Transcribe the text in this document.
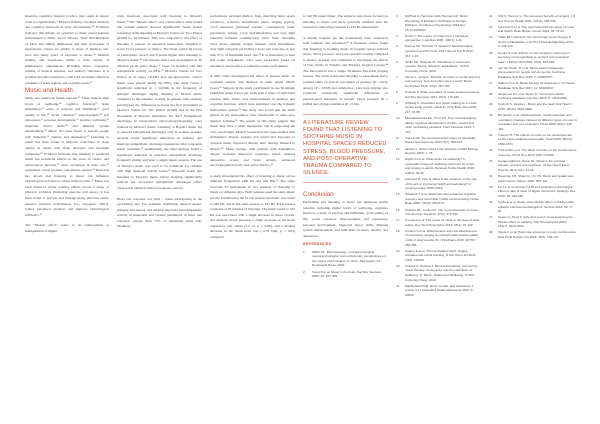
Intensive repetitive musical practice may result in plastic brain re-organisations.⁹ Musical training can shape memory and cognitive functions in early development.¹⁰ Evidence indicates that infants are sensitive to many sound features fundamental to music across cultures. Their discrimination of pitch and timing differences and their perception of equivalence classes are similar to those of listeners who have had many years of exposure to music.¹¹ Musical training and experience utilise a wide variety of multisensory experiences, including motor execution, reading of musical notation, and auditory functions. It is possible that this experience could lead to transfer effects in a number of brain regions and cognitive areas.¹²

Music and Health

Music has numerous health benefits.¹³ These include high levels of wellbeing,¹⁴ cognitive function,¹⁵ brain stimulation,¹⁶ sense of purpose and fulfilment,¹⁷ good quality of life,¹⁸ social cohesion,¹⁹ empowerment,²⁰ self expression,²¹ personal development,²² positive wellbeing,²³ improved motor skills,²⁴ and immune system enhancement.²⁵ Music has been found to benefit people with dementia,²⁶ anxiety and depression.²⁷ Listening to music has been found to improve reductions of sleep quality in adults with sleep disorders and insomnia symptoms.²⁸ Evidence indicates that listening to preferred music has beneficial effects in the areas of cardio- and neurological function,²⁹ early exchanges in heart rate,³⁰ respiration, blood pressure and muscle tension.³¹ Research has shown that listening to music can influence physiological reactions to stress-related events.³² Music has been found to evoke positive effects across a range of physical activities (including exercise and sport). It has been found to prevent and manage many affective states, enhance physical performance (i.e., ergogenic effect), reduce perceived exertion, and improve physiological efficiency.³³

The "Mozart effect" refers to an enhancement or manipulation of higher

brain functions associated with listening to Mozart's music.³⁴ The "Mozart effect" was coined after a study found that normal subjects showed significantly better spatial reasoning skills listening to Mozart's Sonata for Two Pianos (K448) for 10 minutes. This was compared to the effect of listening to periods of relaxation instructions designed to lower blood pressure or silence. The mean spatial IQ scores of participants were 8 and 9 points higher after listening to Mozart's music.³⁴ The Mozart effect was investigated in 48 children (4-18 years; mean 7 years 10 months) who had epileptiform activity on EEG.³⁵ Mozart's Sonata for Two Pianos in D major (K448) and age-appropriate control music were played during the EEG. The study found a significant reduction (p = 0.0006) in the frequency of epileptic discharges during listening to Mozart music compared to the baseline. A study in patients with epilepsy investigated the differences between the first movement of Mozart's Sonata for Two Pianos (K448) and in the first movement of Haydn's Symphony No. 94.³⁶ Epileptiform discharges in intracerebral electroencephalography were reduced by Mozart's music. Listening to Haydn's music led to reduced epileptiform discharges only in women. A meta-analysis found significant reductions in seizures and interictal epileptiform discharge frequencies after long-term music treatment.³⁷ Additionally, the meta-analysis found a significant reduction in interictal epileptiform discharge frequency during and after a single music session. The use of Mozart's music was seen to be beneficial for children with high interictal activity levels.³⁸ Research found that listening to Mozart's music before sleeping significantly reduced the associated epileptiform discharges effect observed in children with focal seizure activity.

Heart rate response can yield – when participating in the performing arts. For example, drumming, musical theatre (singing and dance), and singing improved parasympathetic activity in musicians and created parameters of heart rate response: greater than 75% of maximum heart rate. Moderate

performance included distinct, flute, marching band, sports conductor, orchestra instruments, piano, singing (opera), vocal instructor (included clarinet, contemporary band, percussion, strings, vocal instrumentation and very light rehearsal included contemporary band, flute, marching band, piano, singing, strings, trumpet, wind instruments. Very light rehearsal performed a heart rate response of less than 57% of maximum heart rate.³⁸ It is interesting to note that some instruments were seen performed based on whether it was practice or rehearsal versus performance.

A 2007 study investigated the effect of passive music on cognitive anxiety and memory in older adults (60-85 years).³⁹ Subjects in the study participated in one 30-minute individual piano lesson per week plus 3 hours of individual practice time. There were improvements in memory and cognitive function, which were sustained over the 6-month intervention period.³⁹ The study also found that the skills gained in the intervention were transferable to other non-musical domains.³⁹ The results of this study suggest that music may have a wider therapeutic role in supporting the over one thought. Mozart Sonata had also been studied with Alzheimer's disease patients and found that exposure to classical music improved Mozart after therapy listened to Mozart.⁴⁰ Music therapy with patients with Alzheimer's disease included improved cognition, mood, reduced depressive scores and brain anxiety, enhanced autobiographical recall, and verbal fluency.⁴¹

A study investigated the effect of listening to music across different frequencies (440 Hz and 432 Hz).⁴² The study involved 33 participants in two sessions of listening to music on different days. Both sessions used the same music (movie soundtracks) but in one session the music was tuned to 440 Hz, and in the other session to 432 Hz. Each session consisted of 20 minutes of listening. The music tuned to 432 Hz was associated with a slight decrease in mean systolic and diastolic blood pressure, a slight decrease of the mean respiratory rate values (1.0 vs. p = 0.06), and a marked decrease in the mean heart rate (-4.79 bpm; p = 0.05) compared

to 440 Hz tuned music. The subjects were more focused on listening to music and more generally satisfied after the sessions in which they listened to 432 Hz tuned music.

A smaller hospital spa has traditionally been considered both romantic and unwanted.⁴³ A literature review found that listening to soothing music in hospital spaces reduced stress, blood pressure, and post-operative trauma compared to silence. A study was conducted to investigate the effects of busy music in Yamaha and Barnes's magical journey.⁴⁴ The intervention was a single 30-minute free-form playing session. The study found that listening to keep-music had a positive effect on systolic perception of pressure (P = 0.01), anxiety (P = 0.008) and satisfaction. Live harp playing also produced statistically significant differences in physiological measures of systolic blood pressure (P = 0.064) and oxygen saturation (P = 0.04).

A LITERATURE REVIEW FOUND THAT LISTENING TO SOOTHING MUSIC IN HOSPITAL SPACES REDUCED STRESS, BLOOD PRESSURE, AND POST-OPERATIVE TRAUMA COMPARED TO SILENCE.
Conclusion

Performing and listening to music has numerous health benefits, including higher levels of wellbeing, cognitive function, a sense of purpose and fulfilment, good quality of life, social cohesion, empowerment, self expression, personal development, improved motor skills, immune system enhancement, and reductions in stress, anxiety, and depression.

REFERENCES
1 Wallin NL. Biomusicology: neurophysiological, neuropsychological, and evolutionary perspectives on the origins and functions of music. Stuyvesant, NY: Pendragon Press, 1991.
2 Vuust P et al. Music in the brain. Nat Rev Neurosci 2022; 23: 287-305.
3 McPhail A. Hermann-Gillis Hermann M. Music, Physiology & Evolution: Pathways to Human-Wellness. Frontiers in Psychology 2023 Nov 15;14:1293004.
4 Peretz I. The nature of music from a biological perspective. Cognition 2006; 100(1): 1-32.
5 Pascoe FR, Scheuer H, Janata P. Musical feature extraction and the brain. Phil Trans R Soc B 2012; 367: 1-12.
6 Juslin PN, Sloboda JA. Handbook of music and emotion: theory, research, applications. Oxford University Press, 2010.
7 Ferreri L, Verga L. Benefits of music on verbal learning and memory: how and when does it work? Music Perception 2016; 34(2): 167-182.
8 Koelsch S. Brain correlates of music-evoked emotions. Nat Rev Neurosci 2014; 15(3): 170-180.
9 Schlaug G. Musicians and music making as a model for the study of brain plasticity. Prog Brain Res 2015; 217: 37-55.
10 Miendlarzewska EA, Trost WJ. How musical training affects cognitive development: rhythm, reward and other modulating variables. Front Neurosci 2014; 7: 279.
11 Trehub SE. The developmental origins of musicality. Nature Neuroscience 2003; 6(7): 669-673.
12 Jäncke L. Music drives brain plasticity. F1000 Biology Reports 2009; 1: 78.
13 Daykin N et al. What works for wellbeing? A systematic review of wellbeing outcomes for music and singing in adults. Perspect Public Health 2018; 138(1): 39-46.
14 Fancourt D, Finn S. What is the evidence on the role of the arts in improving health and well-being? A scoping review. WHO 2019.
15 Särkämö T et al. Music listening enhances cognitive recovery and mood after middle cerebral artery stroke. Brain 2008; 131(3): 866-876.
16 Chanda ML, Levitin DJ. The neurochemistry of music. Trends Cogn Sci 2013; 17(4): 179-193.
17 Creech A et al. The power of music in the lives of older adults. Res Stud Music Educ 2013; 35(1): 87-102.
18 Coulton S et al. Effectiveness and cost-effectiveness of community singing on mental health-related quality of life of older people. Br J Psychiatry 2015; 207(3): 250-255.
19 Pearce E et al. The ice-breaker effect: singing mediates fast social bonding. R Soc Open Sci 2015; 2(10): 150221.
20 Ansdell G, DeNora T. Musical flourishing: community music therapy, controversy, and the cultivation of wellbeing. In: Music, Health and Wellbeing. Oxford University Press, 2012.
21 MacDonald RAR. Music, health, and well-being: a review. Int J Qual Stud Health Well-being 2013; 8: 20635.
22 Clift S, Hancox G. The perceived benefits of singing. J R Soc Promot Health 2001; 121(4): 248-256.
23 Fancourt D et al. The psychoneuroimmunology of music and health. Brain Behav Immun 2014; 36: 15-26.
24 Thaut MH, McIntosh GC. Neurologic music therapy in stroke rehabilitation. Curr Phys Med Rehabil Rep 2014; 2: 106-113.
25 Kreutz G et al. Effects of choir singing or listening on secretory immunoglobulin A, cortisol, and emotional state. J Behav Med 2004; 27(6): 623-635.
26 van der Steen JT et al. Music-based therapeutic interventions for people with dementia. Cochrane Database Syst Rev 2018; 7: CD003477.
27 Aalbers S et al. Music therapy for depression. Cochrane Database Syst Rev 2017; 11: CD004517.
28 Jespersen KV et al. Music for insomnia in adults. Cochrane Database Syst Rev 2015; 8: CD010459.
29 Koelsch S, Jäncke L. Music and the heart. Eur Heart J 2015; 36(44): 3043-3049.
30 Bernardi L et al. Cardiovascular, cerebrovascular, and respiratory changes induced by different types of music in musicians and non-musicians. Heart 2006; 92(4): 445-452.
31 Trappe HJ. The effects of music on the cardiovascular system and cardiovascular health. Heart 2010; 96(23): 1868-1871.
32 Thoma MV et al. The effect of music on the human stress response. PLoS One 2013; 8(8): e70156.
33 Karageorghis CI, Priest DL. Music in the exercise domain: a review and synthesis. Int Rev Sport Exerc Psychol 2012; 5(1): 44-66.
34 Rauscher FH, Shaw GL, Ky KN. Music and spatial task performance. Nature 1993; 365: 611.
35 Lin LC et al. Mozart K.448 and epileptiform discharges: effect of ratio of lower to higher harmonics. Epilepsy Res 2010; 89: 238-245.
36 Grylls E et al. Study of the Mozart effect in children with epileptic electroencephalograms. Seizure 2018; 59: 77-81.
37 Sesso G, Sicca F. Safe and sound: meta-analyzing the Mozart effect on epilepsy. Clin Neurophysiol 2020; 131(7): 1610-1620.
38 Iñesta C et al. Heart rate response in music performance. Med Probl Perform Art 2018; 33(3): 169-176.
